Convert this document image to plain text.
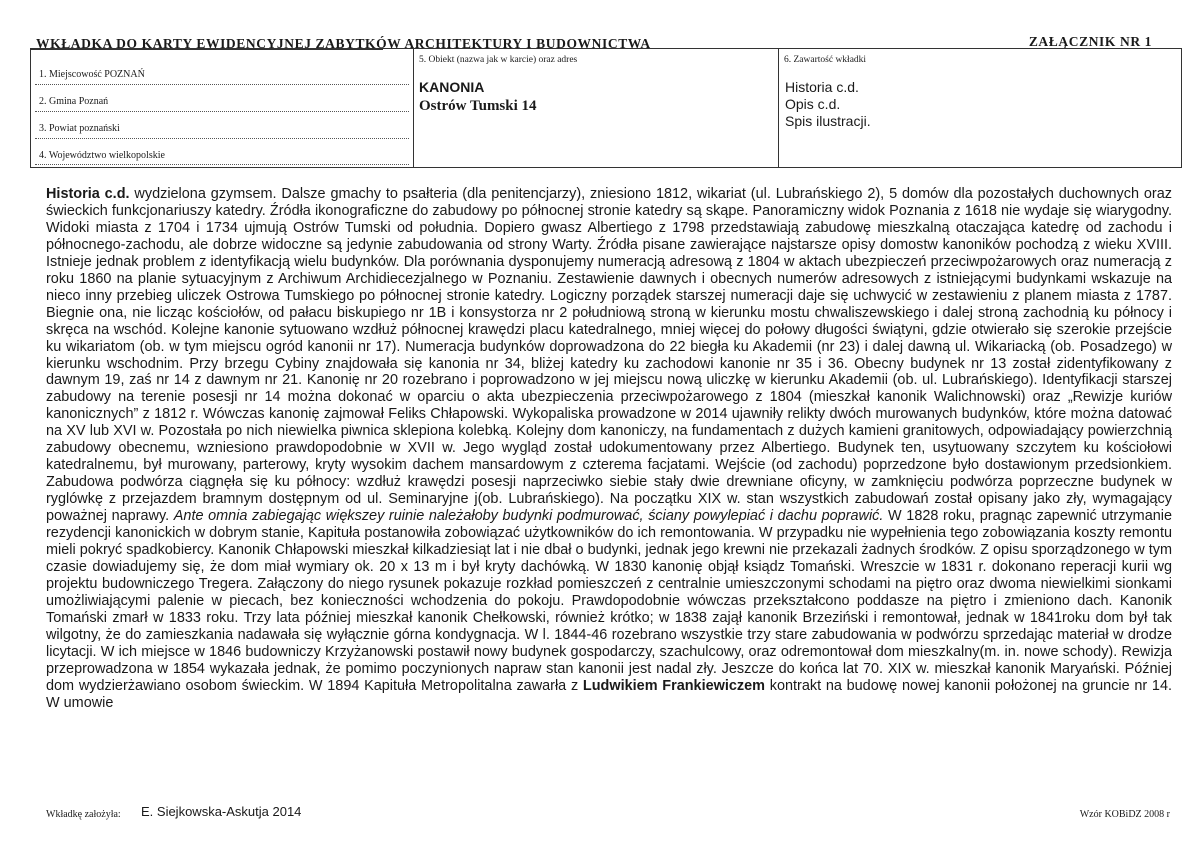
WKŁADKA DO KARTY EWIDENCYJNEJ ZABYTKÓW ARCHITEKTURY I BUDOWNICTWA	ZAŁĄCZNIK NR 1
1. Miejscowość POZNAŃ
2. Gmina Poznań
3. Powiat poznański
4. Województwo wielkopolskie
5. Obiekt (nazwa jak w karcie) oraz adres
KANONIA
Ostrów Tumski 14
6. Zawartość wkładki
Historia c.d.
Opis c.d.
Spis ilustracji.
Historia c.d. wydzielona gzymsem. Dalsze gmachy to psałteria (dla penitencjarzy), zniesiono 1812, wikariat (ul. Lubrańskiego 2), 5 domów dla pozostałych duchownych oraz świeckich funkcjonariuszy katedry. Źródła ikonograficzne do zabudowy po północnej stronie katedry są skąpe. Panoramiczny widok Poznania z 1618 nie wydaje się wiarygodny. Widoki miasta z 1704 i 1734 ujmują Ostrów Tumski od południa. Dopiero gwasz Albertiego z 1798 przedstawiają zabudowę mieszkalną otaczająca katedrę od zachodu i północnego-zachodu, ale dobrze widoczne są jedynie zabudowania od strony Warty. Źródła pisane zawierające najstarsze opisy domostw kanoników pochodzą z wieku XVIII. Istnieje jednak problem z identyfikacją wielu budynków. Dla porównania dysponujemy numeracją adresową z 1804 w aktach ubezpieczeń przeciwpożarowych oraz numeracją z roku 1860 na planie sytuacyjnym z Archiwum Archidiecezjalnego w Poznaniu. Zestawienie dawnych i obecnych numerów adresowych z istniejącymi budynkami wskazuje na nieco inny przebieg uliczek Ostrowa Tumskiego po północnej stronie katedry. Logiczny porządek starszej numeracji daje się uchwycić w zestawieniu z planem miasta z 1787. Biegnie ona, nie licząc kościołów, od pałacu biskupiego nr 1B i konsystorza nr 2 południową stroną w kierunku mostu chwaliszewskiego i dalej stroną zachodnią ku północy i skręca na wschód. Kolejne kanonie sytuowano wzdłuż północnej krawędzi placu katedralnego, mniej więcej do połowy długości świątyni, gdzie otwierało się szerokie przejście ku wikariatom (ob. w tym miejscu ogród kanonii nr 17). Numeracja budynków doprowadzona do 22 biegła ku Akademii (nr 23) i dalej dawną ul. Wikariacką (ob. Posadzego) w kierunku wschodnim. Przy brzegu Cybiny znajdowała się kanonia nr 34, bliżej katedry ku zachodowi kanonie nr 35 i 36. Obecny budynek nr 13 został zidentyfikowany z dawnym 19, zaś nr 14 z dawnym nr 21. Kanonię nr 20 rozebrano i poprowadzono w jej miejscu nową uliczkę w kierunku Akademii (ob. ul. Lubrańskiego). Identyfikacji starszej zabudowy na terenie posesji nr 14 można dokonać w oparciu o akta ubezpieczenia przeciwpożarowego z 1804 (mieszkał kanonik Walichnowski) oraz „Rewizje kuriów kanonicznych” z 1812 r. Wówczas kanonię zajmował Feliks Chłapowski. Wykopaliska prowadzone w 2014 ujawniły relikty dwóch murowanych budynków, które można datować na XV lub XVI w. Pozostała po nich niewielka piwnica sklepiona kolebką. Kolejny dom kanoniczy, na fundamentach z dużych kamieni granitowych, odpowiadający powierzchnią zabudowy obecnemu, wzniesiono prawdopodobnie w XVII w. Jego wygląd został udokumentowany przez Albertiego. Budynek ten, usytuowany szczytem ku kościołowi katedralnemu, był murowany, parterowy, kryty wysokim dachem mansardowym z czterema facjatami. Wejście (od zachodu) poprzedzone było dostawionym przedsionkiem. Zabudowa podwórza ciągnęła się ku północy: wzdłuż krawędzi posesji naprzeciwko siebie stały dwie drewniane oficyny, w zamknięciu podwórza poprzeczne budynek w ryglówkę z przejazdem bramnym dostępnym od ul. Seminaryjne j(ob. Lubrańskiego). Na początku XIX w. stan wszystkich zabudowań został opisany jako zły, wymagający poważnej naprawy. Ante omnia zabiegając większey ruinie należałoby budynki podmurować, ściany powylepiać i dachu poprawić. W 1828 roku, pragnąc zapewnić utrzymanie rezydencji kanonickich w dobrym stanie, Kapituła postanowiła zobowiązać użytkowników do ich remontowania. W przypadku nie wypełnienia tego zobowiązania koszty remontu mieli pokryć spadkobiercy. Kanonik Chłapowski mieszkał kilkadziesiąt lat i nie dbał o budynki, jednak jego krewni nie przekazali żadnych środków. Z opisu sporządzonego w tym czasie dowiadujemy się, że dom miał wymiary ok. 20 x 13 m i był kryty dachówką. W 1830 kanonię objął ksiądz Tomański. Wreszcie w 1831 r. dokonano reperacji kurii wg projektu budowniczego Tregera. Załączony do niego rysunek pokazuje rozkład pomieszczeń z centralnie umieszczonymi schodami na piętro oraz dwoma niewielkimi sionkami umożliwiającymi palenie w piecach, bez konieczności wchodzenia do pokoju. Prawdopodobnie wówczas przekształcono poddasze na piętro i zmieniono dach. Kanonik Tomański zmarł w 1833 roku. Trzy lata później mieszkał kanonik Chełkowski, również krótko; w 1838 zajął kanonik Brzeziński i remontował, jednak w 1841roku dom był tak wilgotny, że do zamieszkania nadawała się wyłącznie górna kondygnacja. W l. 1844-46 rozebrano wszystkie trzy stare zabudowania w podwórzu sprzedając materiał w drodze licytacji. W ich miejsce w 1846 budowniczy Krzyżanowski postawił nowy budynek gospodarczy, szachulcowy, oraz odremontował dom mieszkalny(m. in. nowe schody). Rewizja przeprowadzona w 1854 wykazała jednak, że pomimo poczynionych napraw stan kanonii jest nadal zły. Jeszcze do końca lat 70. XIX w. mieszkał kanonik Maryański. Później dom wydzierżawiano osobom świeckim. W 1894 Kapituła Metropolitalna zawarła z Ludwikiem Frankiewiczem kontrakt na budowę nowej kanonii położonej na gruncie nr 14. W umowie
Wkładkę założyła: E. Siejkowska-Askutja 2014	Wzór KOBiDZ 2008 r
